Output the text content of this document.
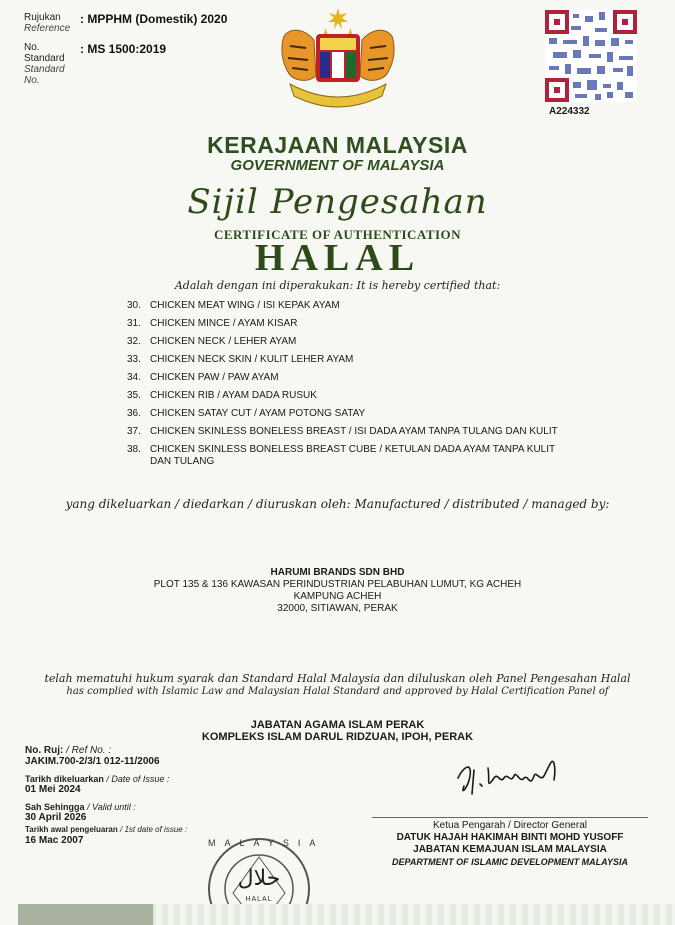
Rujukan
Reference
: MPPHM (Domestik) 2020
No. Standard
Standard No.
: MS 1500:2019
A224332
KERAJAAN MALAYSIA
GOVERNMENT OF MALAYSIA
Sijil Pengesahan
CERTIFICATE OF AUTHENTICATION
HALAL
Adalah dengan ini diperakukan: It is hereby certified that:
30. CHICKEN MEAT WING / ISI KEPAK AYAM
31. CHICKEN MINCE / AYAM KISAR
32. CHICKEN NECK / LEHER AYAM
33. CHICKEN NECK SKIN / KULIT LEHER AYAM
34. CHICKEN PAW / PAW AYAM
35. CHICKEN RIB / AYAM DADA RUSUK
36. CHICKEN SATAY CUT / AYAM POTONG SATAY
37. CHICKEN SKINLESS BONELESS BREAST / ISI DADA AYAM TANPA TULANG DAN KULIT
38. CHICKEN SKINLESS BONELESS BREAST CUBE / KETULAN DADA AYAM TANPA KULIT DAN TULANG
yang dikeluarkan / diedarkan / diuruskan oleh: Manufactured / distributed / managed by:
HARUMI BRANDS SDN BHD
PLOT 135 & 136 KAWASAN PERINDUSTRIAN PELABUHAN LUMUT, KG ACHEH
KAMPUNG ACHEH
32000, SITIAWAN, PERAK
telah mematuhi hukum syarak dan Standard Halal Malaysia dan diluluskan oleh Panel Pengesahan Halal
has complied with Islamic Law and Malaysian Halal Standard and approved by Halal Certification Panel of
JABATAN AGAMA ISLAM PERAK
KOMPLEKS ISLAM DARUL RIDZUAN, IPOH, PERAK
No. Ruj: / Ref No. :
JAKIM.700-2/3/1 012-11/2006
Tarikh dikeluarkan / Date of Issue :
01 Mei 2024
Sah Sehingga / Valid until :
30 April 2026
Tarikh awal pengeluaran / 1st date of issue :
16 Mac 2007
Ketua Pengarah / Director General
DATUK HAJAH HAKIMAH BINTI MOHD YUSOFF
JABATAN KEMAJUAN ISLAM MALAYSIA
DEPARTMENT OF ISLAMIC DEVELOPMENT MALAYSIA
MALAYSIA
حلال
HALAL
